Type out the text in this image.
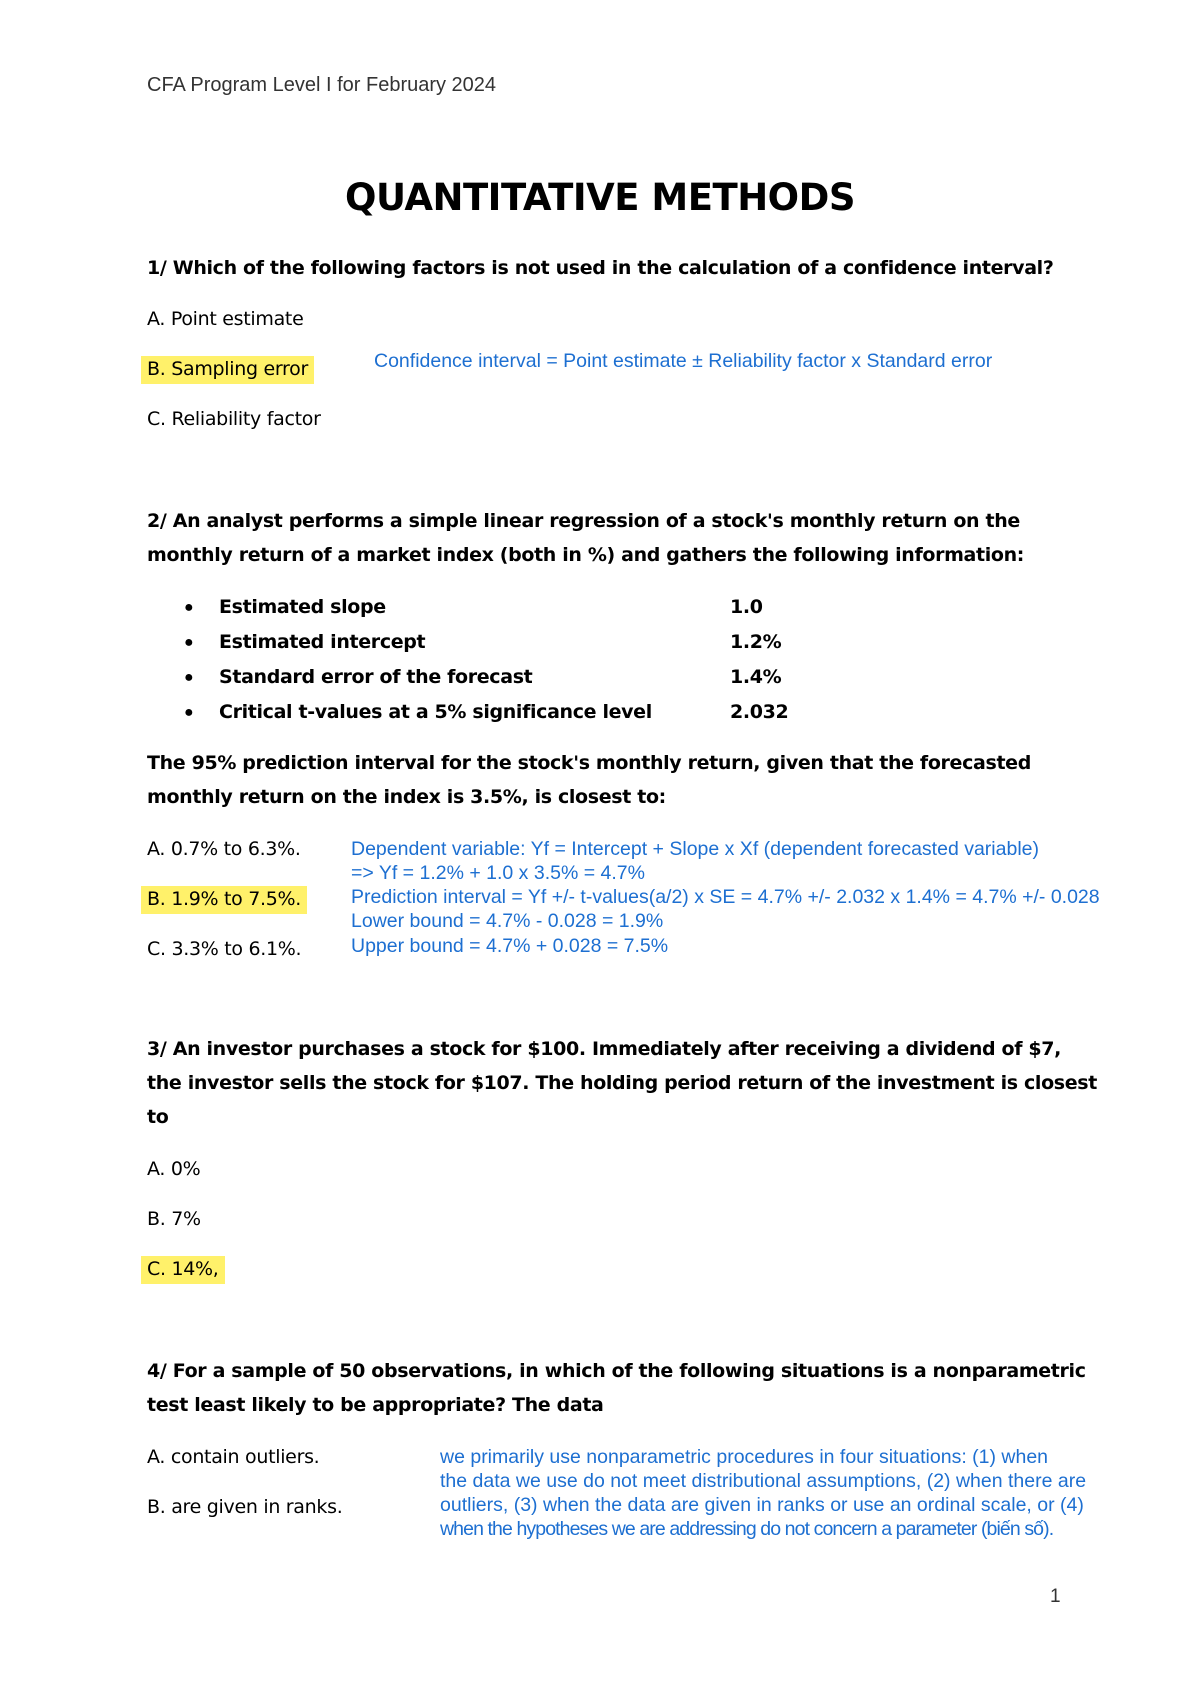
CFA Program Level I for February 2024
QUANTITATIVE METHODS
1/ Which of the following factors is not used in the calculation of a confidence interval?
A. Point estimate
B. Sampling error
C. Reliability factor
Confidence interval = Point estimate ± Reliability factor x Standard error
2/ An analyst performs a simple linear regression of a stock's monthly return on the
monthly return of a market index (both in %) and gathers the following information:
● Estimated slope	1.0
● Estimated intercept	1.2%
● Standard error of the forecast	1.4%
● Critical t-values at a 5% significance level	2.032
The 95% prediction interval for the stock's monthly return, given that the forecasted
monthly return on the index is 3.5%, is closest to:
A. 0.7% to 6.3%.
B. 1.9% to 7.5%.
C. 3.3% to 6.1%.
Dependent variable: Yf = Intercept + Slope x Xf (dependent forecasted variable)
=> Yf = 1.2% + 1.0 x 3.5% = 4.7%
Prediction interval = Yf +/- t-values(a/2) x SE = 4.7% +/- 2.032 x 1.4% = 4.7% +/- 0.028
Lower bound = 4.7% - 0.028 = 1.9%
Upper bound = 4.7% + 0.028 = 7.5%
3/ An investor purchases a stock for $100. Immediately after receiving a dividend of $7,
the investor sells the stock for $107. The holding period return of the investment is closest
to
A. 0%
B. 7%
C. 14%,
4/ For a sample of 50 observations, in which of the following situations is a nonparametric
test least likely to be appropriate? The data
A. contain outliers.
B. are given in ranks.
we primarily use nonparametric procedures in four situations: (1) when
the data we use do not meet distributional assumptions, (2) when there are
outliers, (3) when the data are given in ranks or use an ordinal scale, or (4)
when the hypotheses we are addressing do not concern a parameter (biến số).
1
